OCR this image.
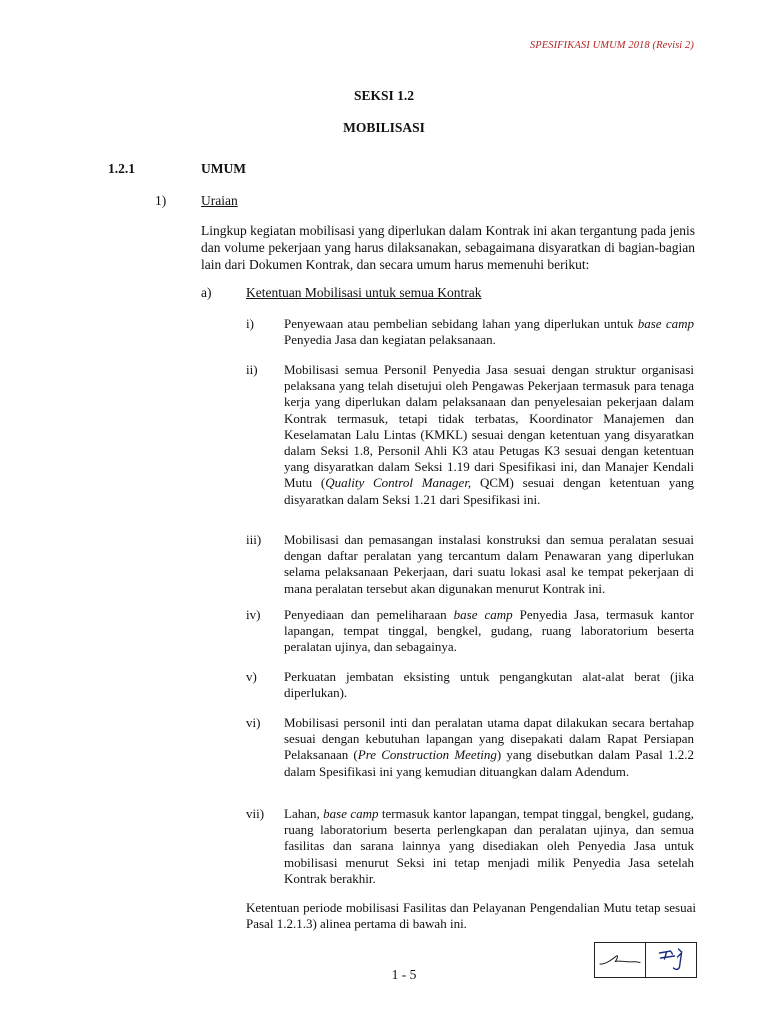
SPESIFIKASI UMUM 2018 (Revisi 2)
SEKSI 1.2
MOBILISASI
1.2.1	UMUM
1)	Uraian
Lingkup kegiatan mobilisasi yang diperlukan dalam Kontrak ini akan tergantung pada jenis dan volume pekerjaan yang harus dilaksanakan, sebagaimana disyaratkan di bagian-bagian lain dari Dokumen Kontrak, dan secara umum harus memenuhi berikut:
a)	Ketentuan Mobilisasi untuk semua Kontrak
i) Penyewaan atau pembelian sebidang lahan yang diperlukan untuk base camp Penyedia Jasa dan kegiatan pelaksanaan.
ii) Mobilisasi semua Personil Penyedia Jasa sesuai dengan struktur organisasi pelaksana yang telah disetujui oleh Pengawas Pekerjaan termasuk para tenaga kerja yang diperlukan dalam pelaksanaan dan penyelesaian pekerjaan dalam Kontrak termasuk, tetapi tidak terbatas, Koordinator Manajemen dan Keselamatan Lalu Lintas (KMKL) sesuai dengan ketentuan yang disyaratkan dalam Seksi 1.8, Personil Ahli K3 atau Petugas K3 sesuai dengan ketentuan yang disyaratkan dalam Seksi 1.19 dari Spesifikasi ini, dan Manajer Kendali Mutu (Quality Control Manager, QCM) sesuai dengan ketentuan yang disyaratkan dalam Seksi 1.21 dari Spesifikasi ini.
iii) Mobilisasi dan pemasangan instalasi konstruksi dan semua peralatan sesuai dengan daftar peralatan yang tercantum dalam Penawaran yang diperlukan selama pelaksanaan Pekerjaan, dari suatu lokasi asal ke tempat pekerjaan di mana peralatan tersebut akan digunakan menurut Kontrak ini.
iv) Penyediaan dan pemeliharaan base camp Penyedia Jasa, termasuk kantor lapangan, tempat tinggal, bengkel, gudang, ruang laboratorium beserta peralatan ujinya, dan sebagainya.
v) Perkuatan jembatan eksisting untuk pengangkutan alat-alat berat (jika diperlukan).
vi) Mobilisasi personil inti dan peralatan utama dapat dilakukan secara bertahap sesuai dengan kebutuhan lapangan yang disepakati dalam Rapat Persiapan Pelaksanaan (Pre Construction Meeting) yang disebutkan dalam Pasal 1.2.2 dalam Spesifikasi ini yang kemudian dituangkan dalam Adendum.
vii) Lahan, base camp termasuk kantor lapangan, tempat tinggal, bengkel, gudang, ruang laboratorium beserta perlengkapan dan peralatan ujinya, dan semua fasilitas dan sarana lainnya yang disediakan oleh Penyedia Jasa untuk mobilisasi menurut Seksi ini tetap menjadi milik Penyedia Jasa setelah Kontrak berakhir.
Ketentuan periode mobilisasi Fasilitas dan Pelayanan Pengendalian Mutu tetap sesuai Pasal 1.2.1.3) alinea pertama di bawah ini.
1 - 5
